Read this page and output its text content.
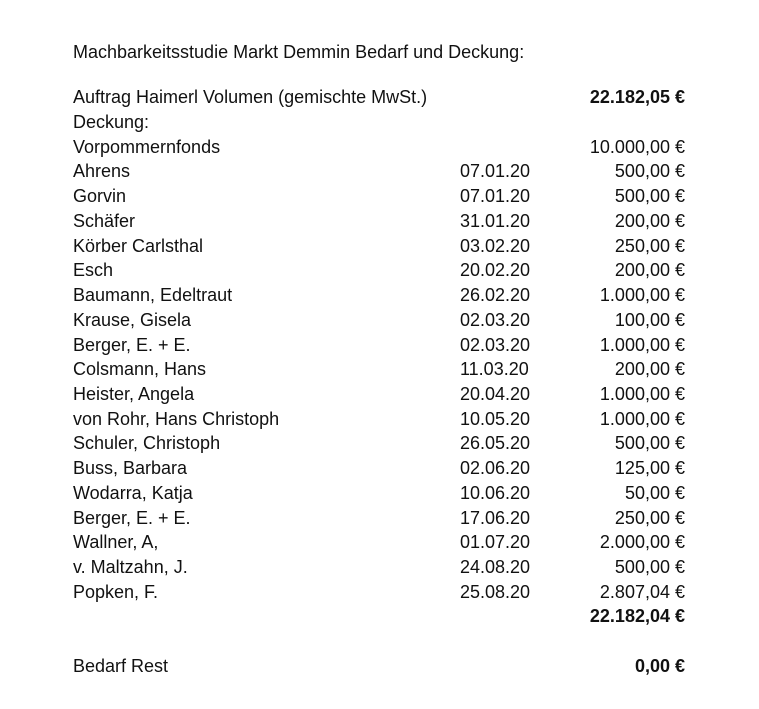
Machbarkeitsstudie Markt Demmin Bedarf und Deckung:
Auftrag Haimerl Volumen (gemischte MwSt.)	22.182,05 €
Deckung:
Vorpommernfonds	10.000,00 €
Ahrens	07.01.20	500,00 €
Gorvin	07.01.20	500,00 €
Schäfer	31.01.20	200,00 €
Körber Carlsthal	03.02.20	250,00 €
Esch	20.02.20	200,00 €
Baumann, Edeltraut	26.02.20	1.000,00 €
Krause, Gisela	02.03.20	100,00 €
Berger, E. + E.	02.03.20	1.000,00 €
Colsmann, Hans	11.03.20	200,00 €
Heister, Angela	20.04.20	1.000,00 €
von Rohr, Hans Christoph	10.05.20	1.000,00 €
Schuler, Christoph	26.05.20	500,00 €
Buss, Barbara	02.06.20	125,00 €
Wodarra, Katja	10.06.20	50,00 €
Berger, E. + E.	17.06.20	250,00 €
Wallner, A,	01.07.20	2.000,00 €
v. Maltzahn, J.	24.08.20	500,00 €
Popken, F.	25.08.20	2.807,04 €
22.182,04 €
Bedarf Rest	0,00 €
